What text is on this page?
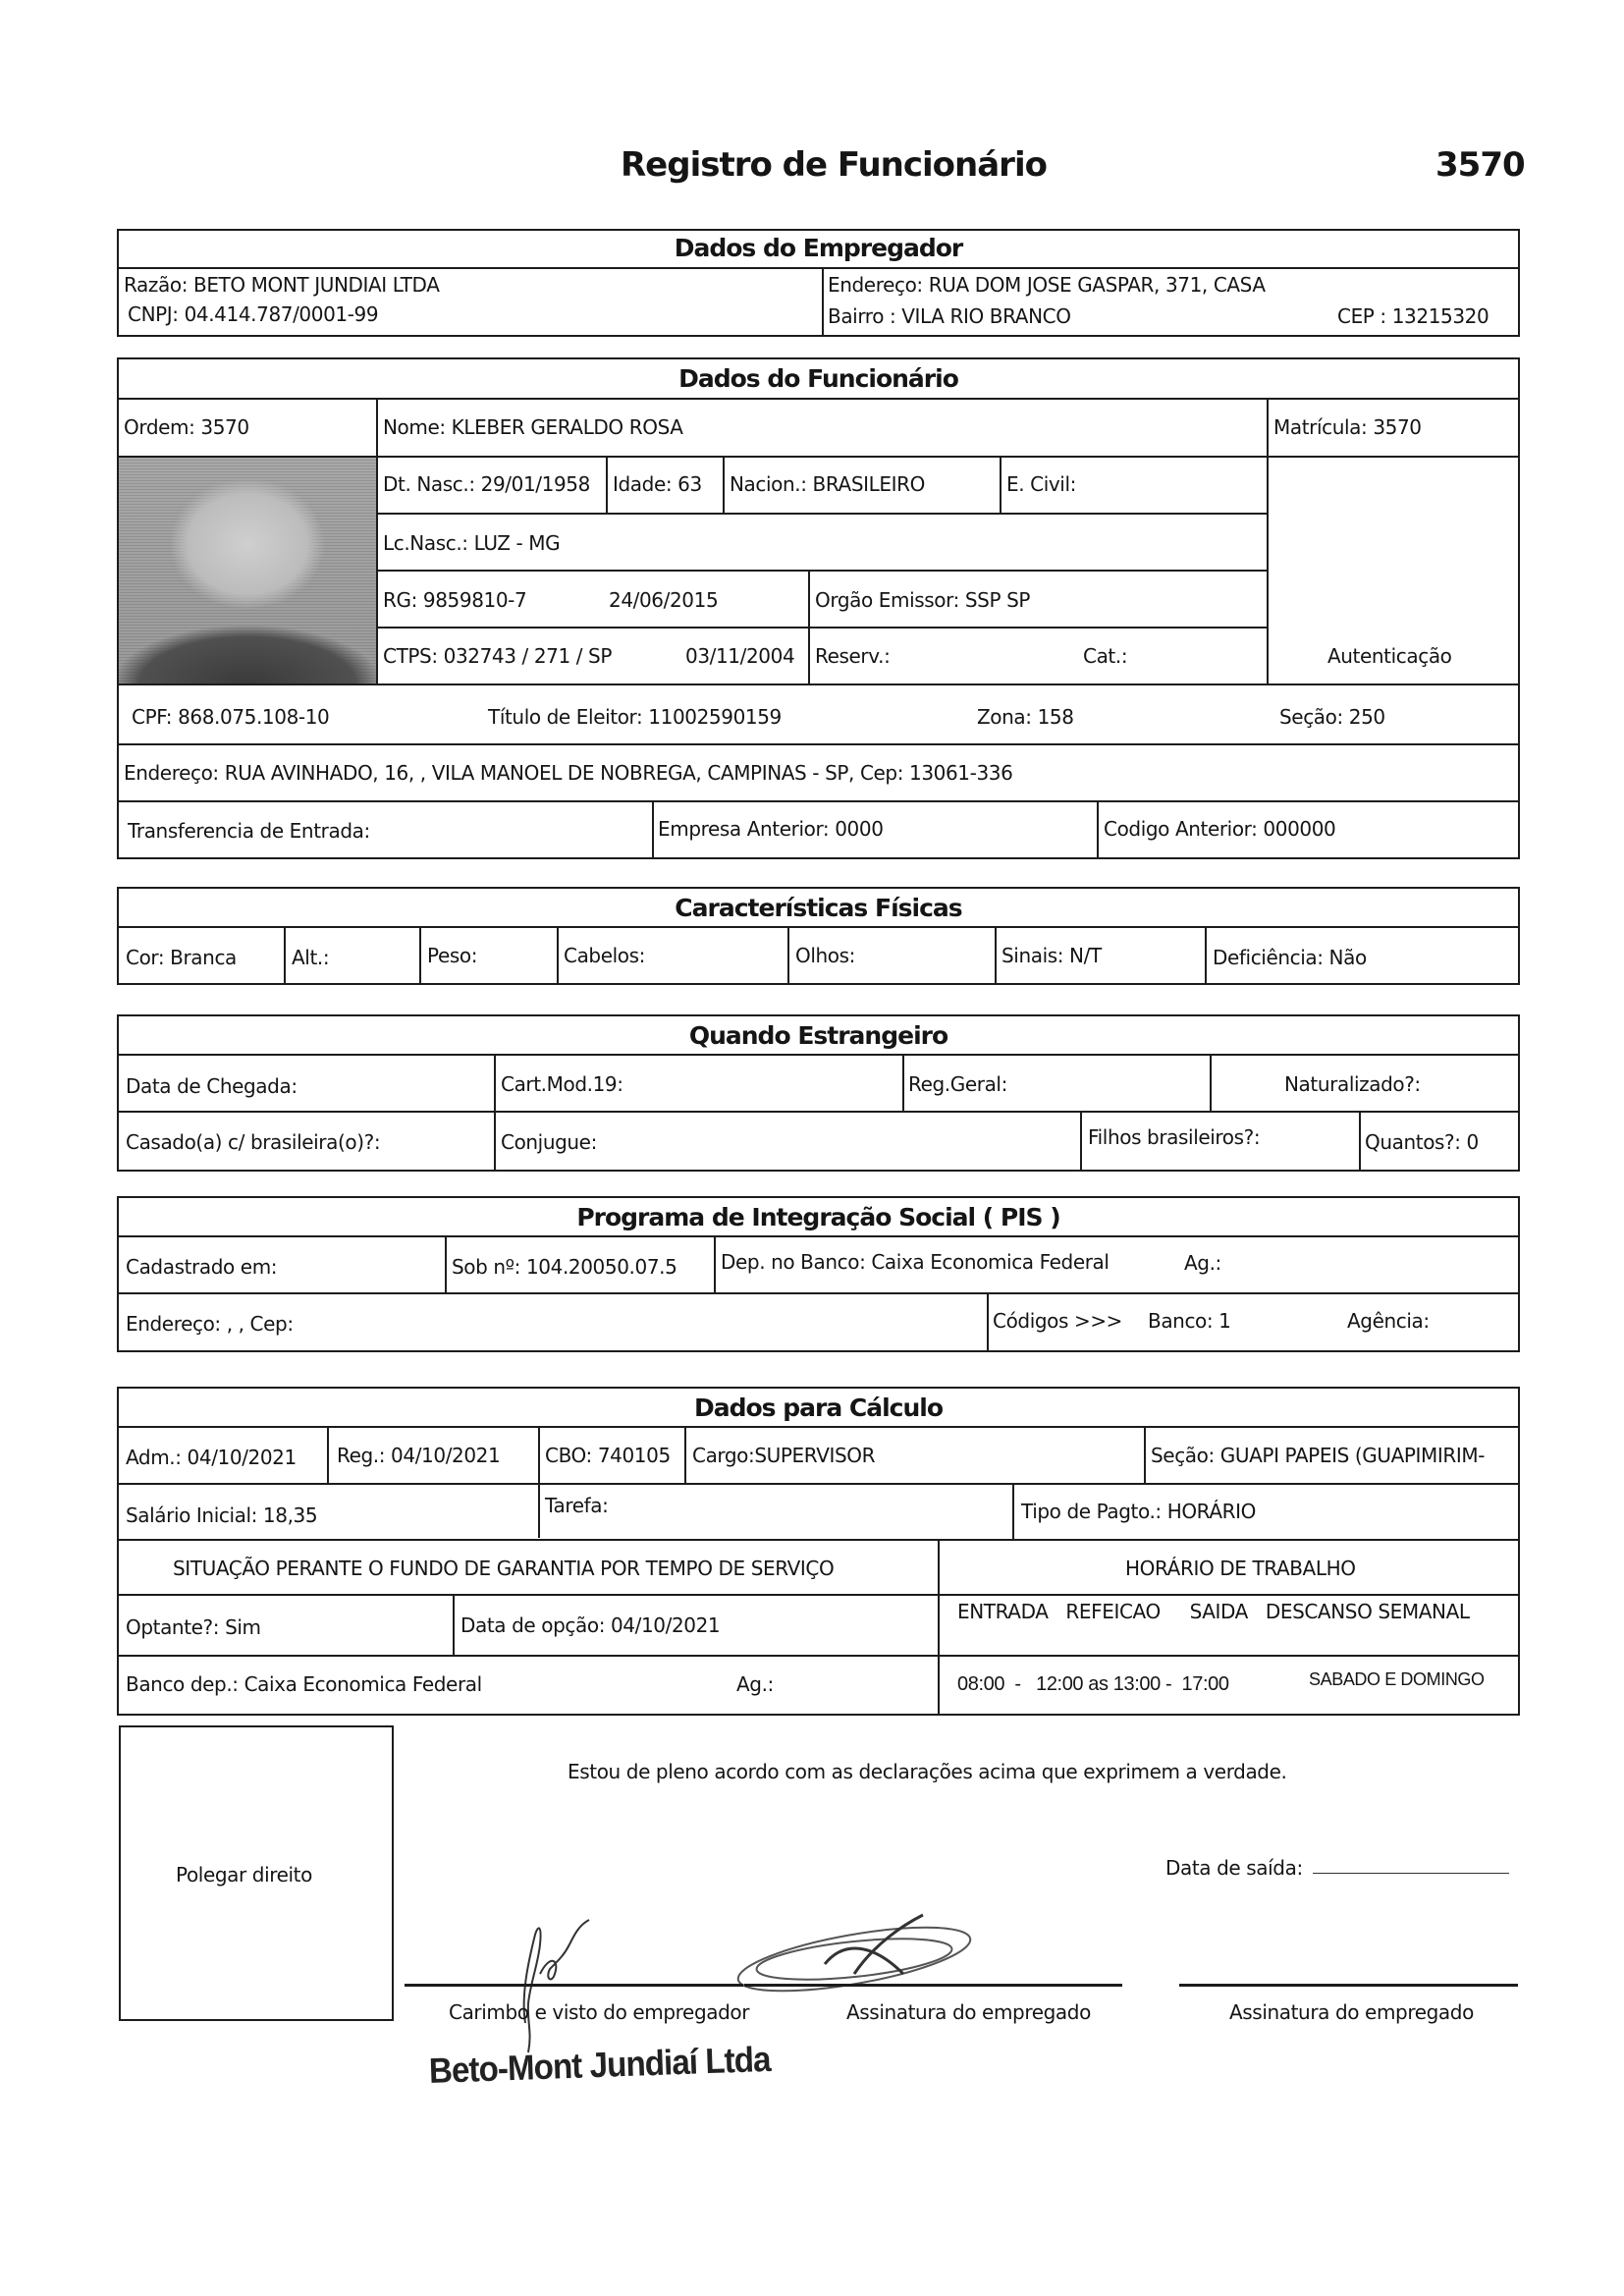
Registro de Funcionário	3570
Dados do Empregador
Razão: BETO MONT JUNDIAI LTDA
CNPJ: 04.414.787/0001-99
Endereço: RUA DOM JOSE GASPAR, 371, CASA
Bairro : VILA RIO BRANCO	CEP : 13215320
Dados do Funcionário
Ordem: 3570	Nome: KLEBER GERALDO ROSA	Matrícula: 3570
Dt. Nasc.: 29/01/1958 Idade: 63 Nacion.: BRASILEIRO	E. Civil:
Lc.Nasc.: LUZ - MG
RG: 9859810-7	24/06/2015	Orgão Emissor: SSP SP
CTPS: 032743 / 271 / SP	03/11/2004 Reserv.:	Cat.:	Autenticação
CPF: 868.075.108-10	Título de Eleitor: 11002590159	Zona: 158	Seção: 250
Endereço: RUA AVINHADO, 16, , VILA MANOEL DE NOBREGA, CAMPINAS - SP, Cep: 13061-336
Transferencia de Entrada:	Empresa Anterior: 0000	Codigo Anterior: 000000
Características Físicas
Cor: Branca	Alt.:	Peso:	Cabelos:	Olhos:	Sinais: N/T	Deficiência: Não
Quando Estrangeiro
Data de Chegada:	Cart.Mod.19:	Reg.Geral:	Naturalizado?:
Casado(a) c/ brasileira(o)?:	Conjugue:	Filhos brasileiros?:	Quantos?: 0
Programa de Integração Social ( PIS )
Cadastrado em:	Sob nº: 104.20050.07.5 Dep. no Banco: Caixa Economica Federal	Ag.:
Endereço: , , Cep:	Códigos >>> Banco: 1	Agência:
Dados para Cálculo
Adm.: 04/10/2021 Reg.: 04/10/2021 CBO: 740105 Cargo:SUPERVISOR	Seção: GUAPI PAPEIS (GUAPIMIRIM-
Salário Inicial: 18,35	Tarefa:	Tipo de Pagto.: HORÁRIO
SITUAÇÃO PERANTE O FUNDO DE GARANTIA POR TEMPO DE SERVIÇO	HORÁRIO DE TRABALHO
Optante?: Sim	Data de opção: 04/10/2021
ENTRADA   REFEICAO     SAIDA   DESCANSO SEMANAL
Banco dep.: Caixa Economica Federal	Ag.:	08:00  -   12:00 as 13:00 -  17:00	SABADO E DOMINGO
Polegar direito
Estou de pleno acordo com as declarações acima que exprimem a verdade.
Data de saída:
Carimbo e visto do empregador	Assinatura do empregado	Assinatura do empregado
Beto-Mont Jundiaí Ltda
